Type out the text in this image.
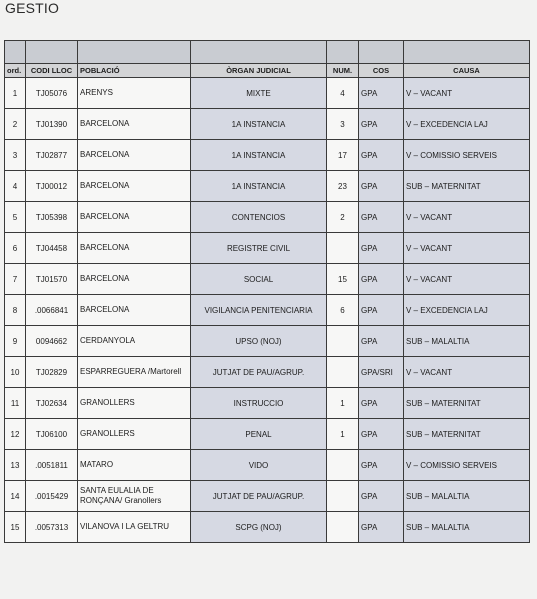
GESTIO

ord.	CODI LLOC	POBLACIÓ	ÒRGAN JUDICIAL	NUM.	COS	CAUSA
1	TJ05076	ARENYS	MIXTE	4	GPA	V – VACANT
2	TJ01390	BARCELONA	1A INSTANCIA	3	GPA	V – EXCEDENCIA LAJ
3	TJ02877	BARCELONA	1A INSTANCIA	17	GPA	V – COMISSIO SERVEIS
4	TJ00012	BARCELONA	1A INSTANCIA	23	GPA	SUB – MATERNITAT
5	TJ05398	BARCELONA	CONTENCIOS	2	GPA	V – VACANT
6	TJ04458	BARCELONA	REGISTRE CIVIL		GPA	V – VACANT
7	TJ01570	BARCELONA	SOCIAL	15	GPA	V – VACANT
8	.0066841	BARCELONA	VIGILANCIA PENITENCIARIA	6	GPA	V – EXCEDENCIA LAJ
9	0094662	CERDANYOLA	UPSO (NOJ)		GPA	SUB – MALALTIA
10	TJ02829	ESPARREGUERA /Martorell	JUTJAT DE PAU/AGRUP.		GPA/SRI	V – VACANT
11	TJ02634	GRANOLLERS	INSTRUCCIO	1	GPA	SUB – MATERNITAT
12	TJ06100	GRANOLLERS	PENAL	1	GPA	SUB – MATERNITAT
13	.0051811	MATARO	VIDO		GPA	V – COMISSIO SERVEIS
14	.0015429	SANTA EULALIA DE RONÇANA/ Granollers	JUTJAT DE PAU/AGRUP.		GPA	SUB – MALALTIA
15	.0057313	VILANOVA I LA GELTRU	SCPG (NOJ)		GPA	SUB – MALALTIA
